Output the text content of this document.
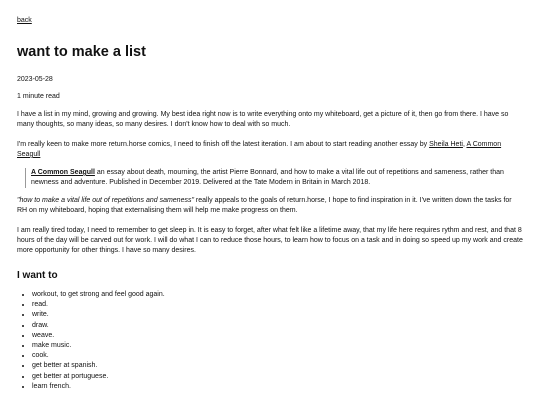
back
want to make a list
2023-05-28
1 minute read

I have a list in my mind, growing and growing. My best idea right now is to write everything onto my whiteboard, get a picture of it, then go from there. I have so many thoughts, so many ideas, so many desires. I don't know how to deal with so much.

I'm really keen to make more return.horse comics, I need to finish off the latest iteration. I am about to start reading another essay by Sheila Heti, A Common Seagull

A Common Seagull an essay about death, mourning, the artist Pierre Bonnard, and how to make a vital life out of repetitions and sameness, rather than newness and adventure. Published in December 2019. Delivered at the Tate Modern in Britain in March 2018.

"how to make a vital life out of repetitions and sameness" really appeals to the goals of return.horse, I hope to find inspiration in it. I've written down the tasks for RH on my whiteboard, hoping that externalising them will help me make progress on them.

I am really tired today, I need to remember to get sleep in. It is easy to forget, after what felt like a lifetime away, that my life here requires rythm and rest, and that 8 hours of the day will be carved out for work. I will do what I can to reduce those hours, to learn how to focus on a task and in doing so speed up my work and create more opportunity for other things. I have so many desires.

I want to
• workout, to get strong and feel good again.
• read.
• write.
• draw.
• weave.
• make music.
• cook.
• get better at spanish.
• get better at portuguese.
• learn french.
